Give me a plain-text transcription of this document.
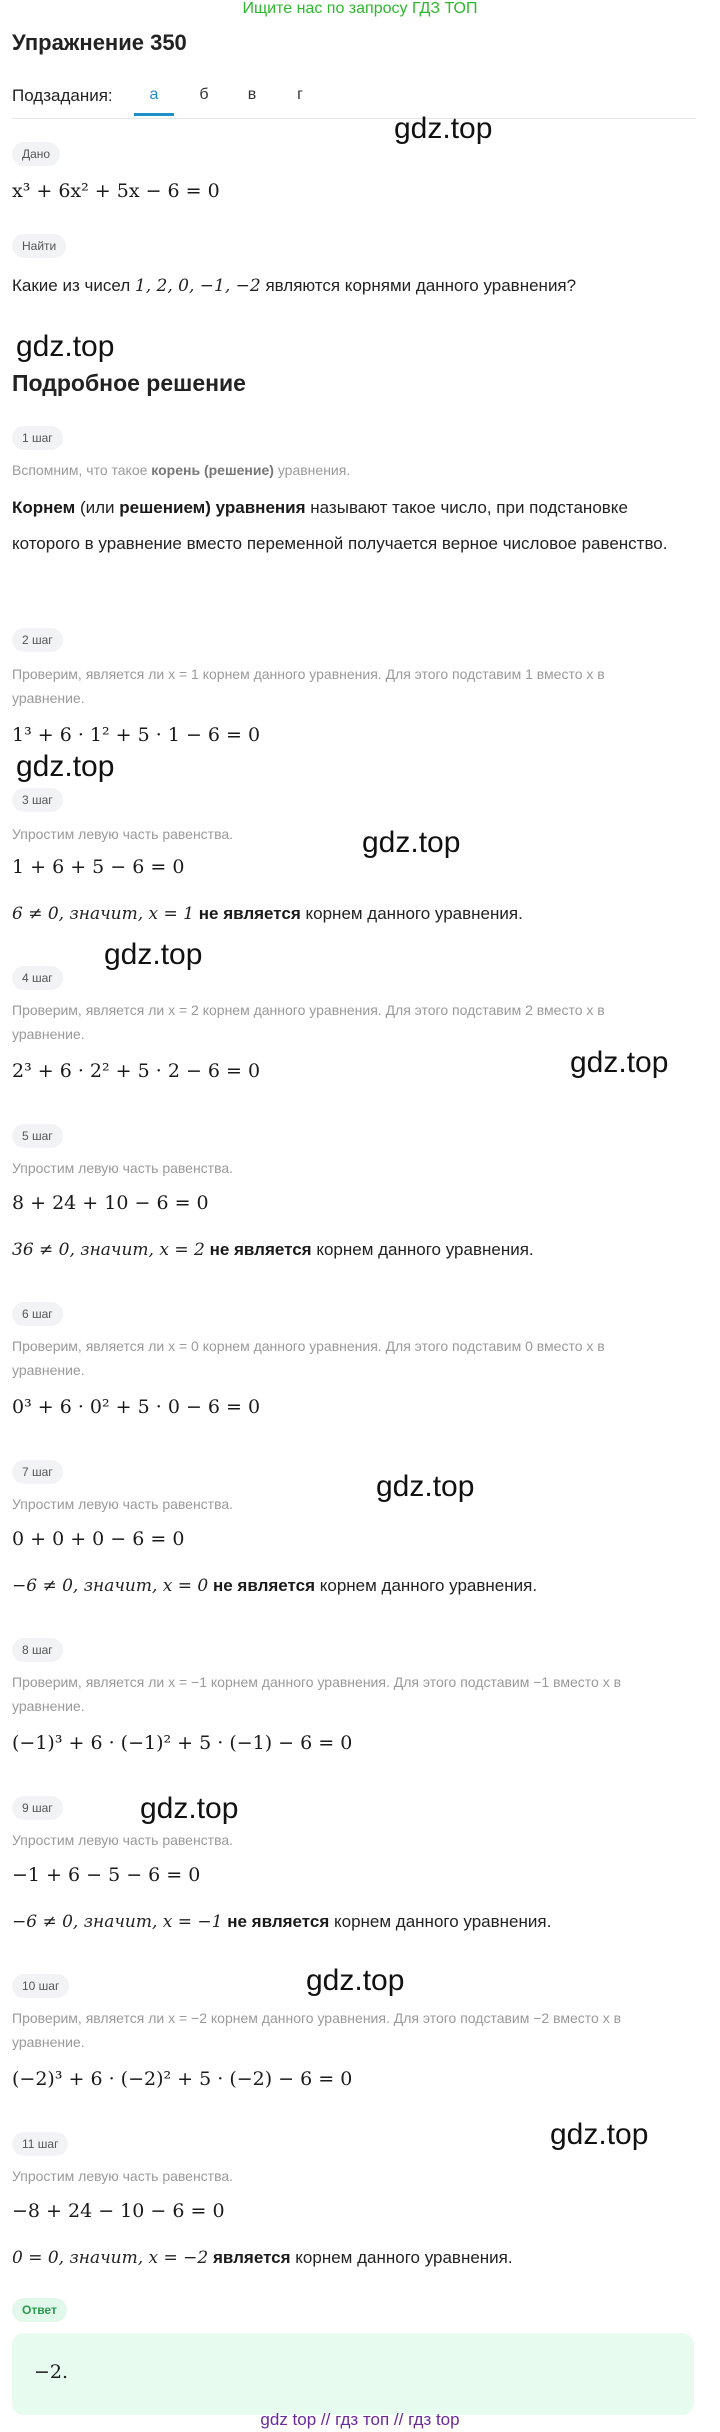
Ищите нас по запросу ГДЗ ТОП
Упражнение 350
Подзадания:	а	б	в	г
gdz.top
gdz.top
gdz.top
gdz.top
gdz.top
gdz.top
gdz.top
gdz.top
gdz.top
gdz.top
Дано
x³ + 6x² + 5x − 6 = 0
Найти
Какие из чисел 1, 2, 0, −1, −2 являются корнями данного уравнения?
Подробное решение
1 шаг
Вспомним, что такое корень (решение) уравнения.
Корнем (или решением) уравнения называют такое число, при подстановке которого в уравнение вместо переменной получается верное числовое равенство.
2 шаг
Проверим, является ли x = 1 корнем данного уравнения. Для этого подставим 1 вместо x в уравнение.
1³ + 6 · 1² + 5 · 1 − 6 = 0
3 шаг
Упростим левую часть равенства.
1 + 6 + 5 − 6 = 0
6 ≠ 0, значит, x = 1 не является корнем данного уравнения.
4 шаг
Проверим, является ли x = 2 корнем данного уравнения. Для этого подставим 2 вместо x в уравнение.
2³ + 6 · 2² + 5 · 2 − 6 = 0
5 шаг
Упростим левую часть равенства.
8 + 24 + 10 − 6 = 0
36 ≠ 0, значит, x = 2 не является корнем данного уравнения.
6 шаг
Проверим, является ли x = 0 корнем данного уравнения. Для этого подставим 0 вместо x в уравнение.
0³ + 6 · 0² + 5 · 0 − 6 = 0
7 шаг
Упростим левую часть равенства.
0 + 0 + 0 − 6 = 0
−6 ≠ 0, значит, x = 0 не является корнем данного уравнения.
8 шаг
Проверим, является ли x = −1 корнем данного уравнения. Для этого подставим −1 вместо x в уравнение.
(−1)³ + 6 · (−1)² + 5 · (−1) − 6 = 0
9 шаг
Упростим левую часть равенства.
−1 + 6 − 5 − 6 = 0
−6 ≠ 0, значит, x = −1 не является корнем данного уравнения.
10 шаг
Проверим, является ли x = −2 корнем данного уравнения. Для этого подставим −2 вместо x в уравнение.
(−2)³ + 6 · (−2)² + 5 · (−2) − 6 = 0
11 шаг
Упростим левую часть равенства.
−8 + 24 − 10 − 6 = 0
0 = 0, значит, x = −2 является корнем данного уравнения.
Ответ
−2.
gdz top // гдз топ // гдз top
